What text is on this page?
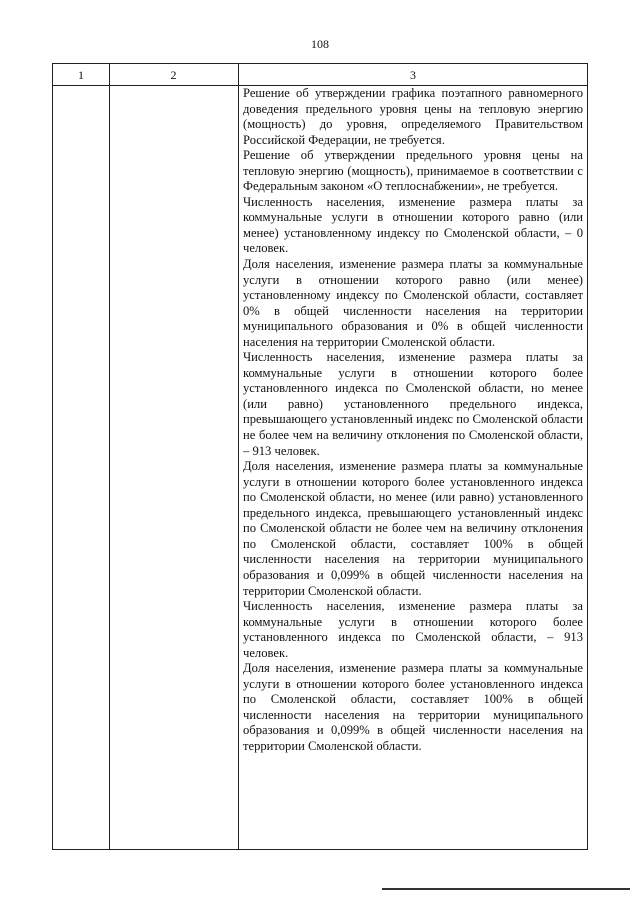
108
1	2	3

Решение об утверждении графика поэтапного равномерного доведения предельного уровня цены на тепловую энергию (мощность) до уровня, определяемого Правительством Российской Федерации, не требуется.

Решение об утверждении предельного уровня цены на тепловую энергию (мощность), принимаемое в соответствии с Федеральным законом «О теплоснабжении», не требуется.

Численность населения, изменение размера платы за коммунальные услуги в отношении которого равно (или менее) установленному индексу по Смоленской области, – 0 человек.

Доля населения, изменение размера платы за коммунальные услуги в отношении которого равно (или менее) установленному индексу по Смоленской области, составляет 0% в общей численности населения на территории муниципального образования и 0% в общей численности населения на территории Смоленской области.

Численность населения, изменение размера платы за коммунальные услуги в отношении которого более установленного индекса по Смоленской области, но менее (или равно) установленного предельного индекса, превышающего установленный индекс по Смоленской области не более чем на величину отклонения по Смоленской области, – 913 человек.

Доля населения, изменение размера платы за коммунальные услуги в отношении которого более установленного индекса по Смоленской области, но менее (или равно) установленного предельного индекса, превышающего установленный индекс по Смоленской области не более чем на величину отклонения по Смоленской области, составляет 100% в общей численности населения на территории муниципального образования и 0,099% в общей численности населения на территории Смоленской области.

Численность населения, изменение размера платы за коммунальные услуги в отношении которого более установленного индекса по Смоленской области, – 913 человек.

Доля населения, изменение размера платы за коммунальные услуги в отношении которого более установленного индекса по Смоленской области, составляет 100% в общей численности населения на территории муниципального образования и 0,099% в общей численности населения на территории Смоленской области.
